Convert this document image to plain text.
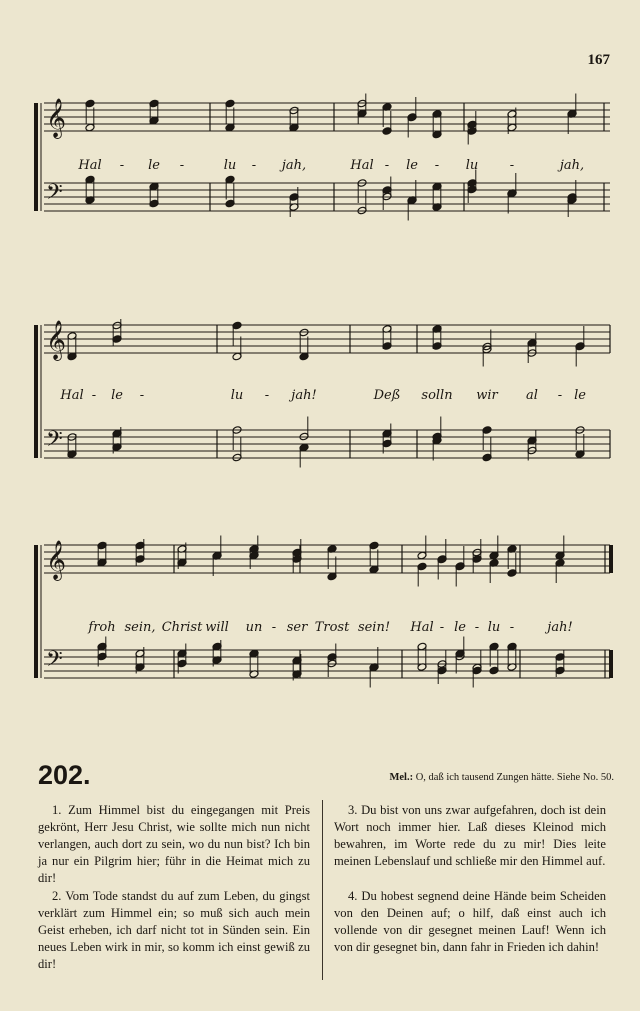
167
𝄞
𝄢
Hal - le -	lu - jah,	Hal - le - lu -	jah,
𝄞
𝄢
Hal - le -	lu - jah!	Deß solln wir al - le
𝄞
𝄢
froh sein, Christ will un - ser Trost sein! Hal - le - lu -	jah!
202.	Mel.: O, daß ich tausend Zungen hätte. Siehe No. 50.
1. Zum Himmel bist du eingegangen mit Preis gekrönt, Herr Jesu Christ, wie sollte mich nun nicht verlangen, auch dort zu sein, wo du nun bist? Ich bin ja nur ein Pilgrim hier; führ in die Heimat mich zu dir!
2. Vom Tode standst du auf zum Leben, du gingst verklärt zum Himmel ein; so muß sich auch mein Geist erheben, ich darf nicht tot in Sünden sein. Ein neues Leben wirk in mir, so komm ich einst gewiß zu dir!
3. Du bist von uns zwar aufgefahren, doch ist dein Wort noch immer hier. Laß dieses Kleinod mich bewahren, im Worte rede du zu mir! Dies leite meinen Lebenslauf und schließe mir den Himmel auf.
4. Du hobest segnend deine Hände beim Scheiden von den Deinen auf; o hilf, daß einst auch ich vollende von dir gesegnet meinen Lauf! Wenn ich von dir gesegnet bin, dann fahr in Frieden ich dahin!
